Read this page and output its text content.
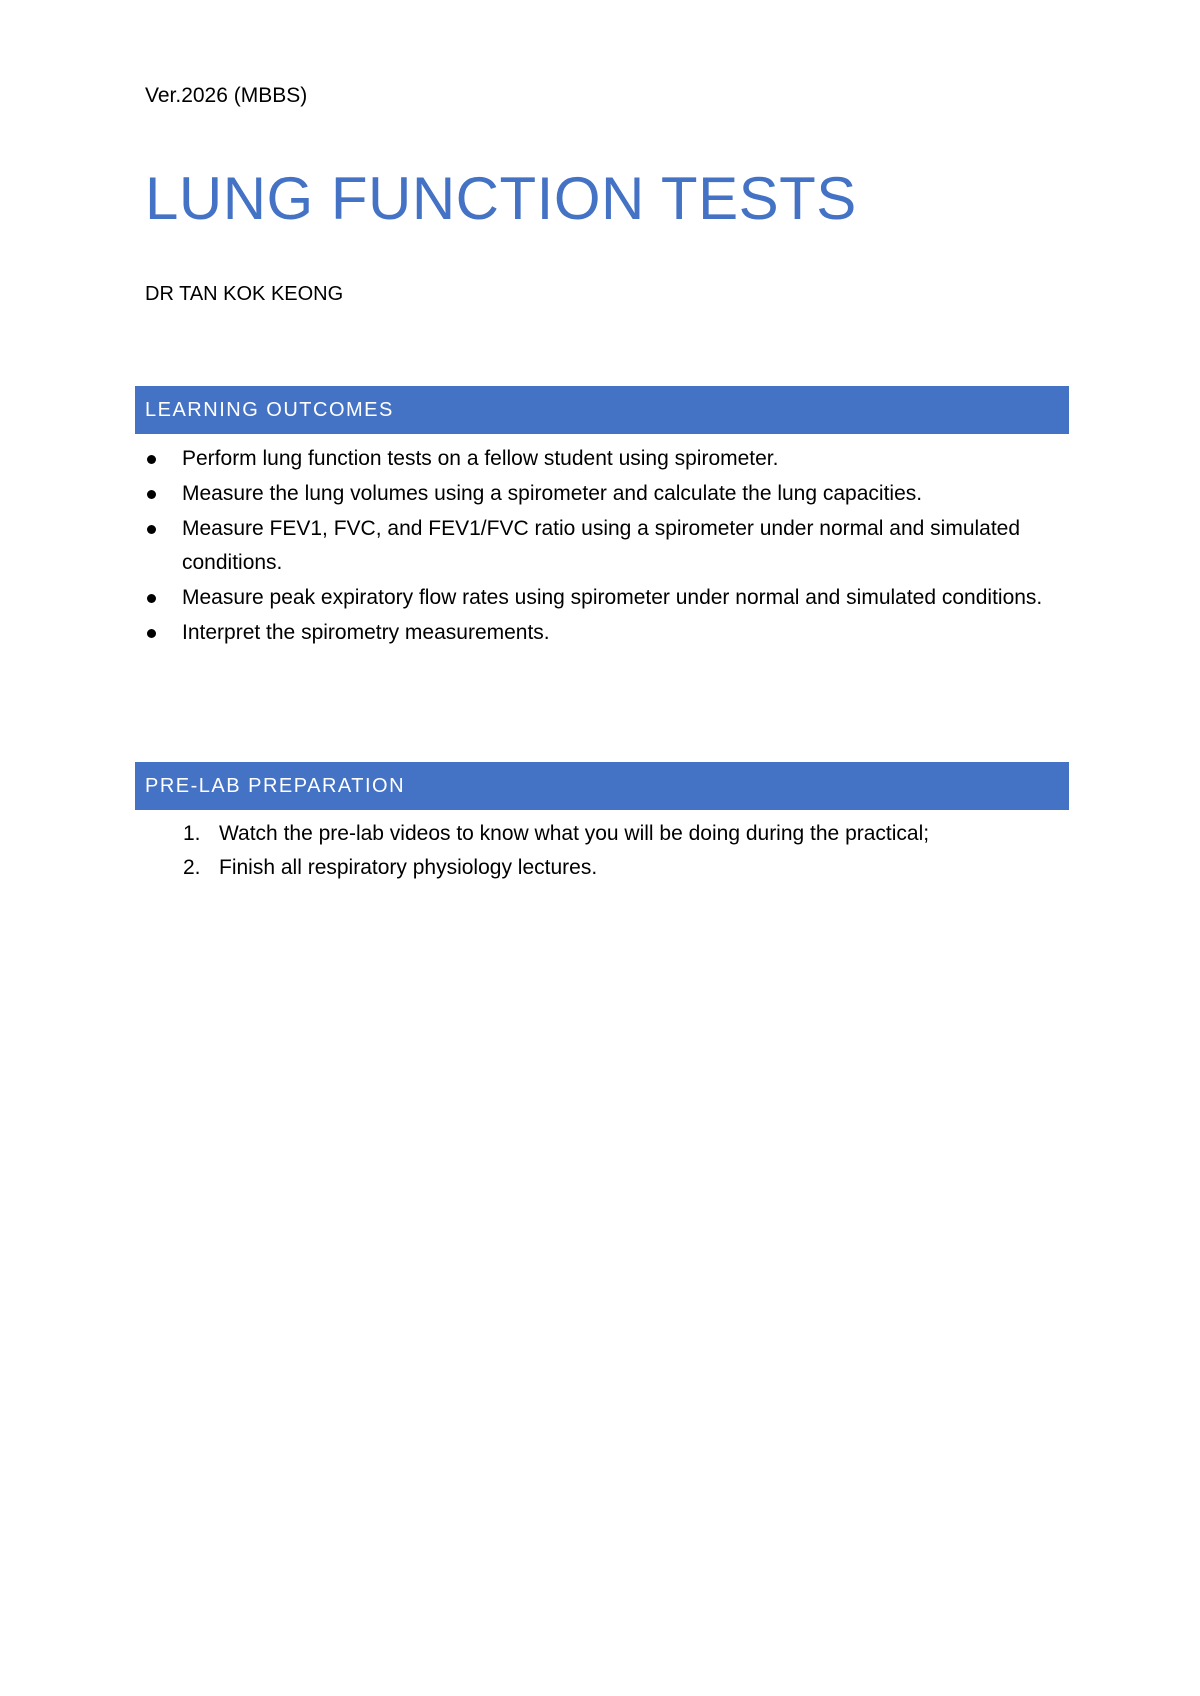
Ver.2026 (MBBS)
LUNG FUNCTION TESTS
DR TAN KOK KEONG
LEARNING OUTCOMES
Perform lung function tests on a fellow student using spirometer.
Measure the lung volumes using a spirometer and calculate the lung capacities.
Measure FEV1, FVC, and FEV1/FVC ratio using a spirometer under normal and simulated conditions.
Measure peak expiratory flow rates using spirometer under normal and simulated conditions.
Interpret the spirometry measurements.
PRE-LAB PREPARATION
1. Watch the pre-lab videos to know what you will be doing during the practical;
2. Finish all respiratory physiology lectures.
